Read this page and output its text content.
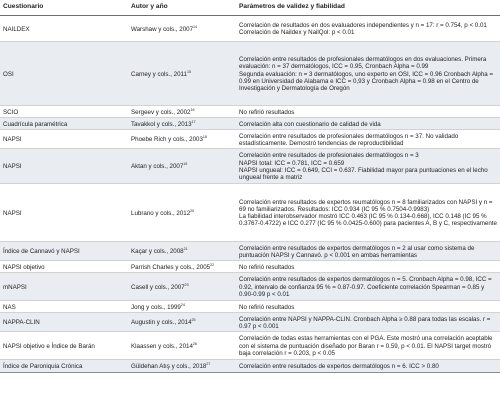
Cuestionario	Autor y año	Parámetros de validez y fiabilidad
NAILDEX	Warshaw y cols., 2007$^{14}$	Correlación de resultados en dos evaluadores independientes y n = 17: r = 0.754, p < 0.01
Correlación de Naildex y NailQol: p < 0.01

OSI	Carney y cols., 2011$^{15}$	Correlación entre resultados de profesionales dermatólogos en dos evaluaciones. Primera evaluación: n = 37 dermatólogos, ICC = 0.95, Cronbach Alpha = 0.99
Segunda evaluación: n = 3 dermatólogos, uno experto en OSI, ICC = 0.96 Cronbach Alpha = 0.99 en Universidad de Alabama e ICC = 0,93 y Cronbach Alpha = 0.98 en el Centro de Investigación y Dermatología de Oregón

SCIO	Sergeev y cols., 2002$^{16}$	No refirió resultados

Cuadrícula paramétrica	Tavakkol y cols., 2013$^{17}$	Correlación alta con cuestionario de calidad de vida

NAPSI	Phoebe Rich y cols., 2003$^{18}$	Correlación entre resultados de profesionales dermatólogos n = 37. No validado estadísticamente. Demostró tendencias de reproductibilidad

NAPSI	Aktan y cols., 2007$^{19}$	Correlación entre resultados de profesionales dermatólogos n = 3
NAPSI total: ICC = 0.781, ICC = 0.659
NAPSI ungueal: ICC = 0.649, CCI = 0.637. Fiabilidad mayor para puntuaciones en el lecho ungueal frente a matriz

NAPSI	Lubrano y cols., 2012$^{20}$	Correlación entre resultados de expertos reumatólogos n = 8 familiarizados con NAPSI y n = 69 no familiarizados. Resultados: ICC 0.934 (IC 95 % 0.7504-0.9983)
La fiabilidad interobservador mostró ICC 0.463 (IC 95 % 0.134-0.668), ICC 0.148 (IC 95 % 0.3767-0.4722) e ICC 0.277 (IC 95 % 0.0425-0.600) para pacientes A, B y C, respectivamente

Índice de Cannavó y NAPSI	Kaçar y cols., 2008$^{21}$	Correlación entre resultados de expertos dermatólogos n = 2 al usar como sistema de puntuación NAPSI y Cannavó. p < 0.001 en ambas herramientas

NAPSI objetivo	Parrish Charles y cols., 2005$^{22}$	No refirió resultados

mNAPSI	Casell y cols., 2007$^{23}$	Correlación entre resultados de expertos dermatólogos n = 5. Cronbach Alpha = 0.98, ICC = 0.92, intervalo de confianza 95 % = 0.87-0.97. Coeficiente correlación Spearman = 0.85 y 0.90-0.99 p < 0.01

NAS	Jong y cols., 1999$^{24}$	No refirió resultados

NAPPA-CLIN	Augustin y cols., 2014$^{25}$	Correlación entre NAPSI y NAPPA-CLIN. Cronbach Alpha ≥ 0.88 para todas las escalas. r = 0.97 p < 0.001

NAPSI objetivo e Índice de Barán	Klaassen y cols., 2014$^{26}$	Correlación de todas estas herramientas con el PGA. Este mostró una correlación aceptable con el sistema de puntuación diseñado por Baran r = 0.59, p < 0.01. El NAPSI target mostró baja correlación r = 0.203, p < 0.05

Índice de Paroniquia Crónica	Güldehan Atış y cols., 2018$^{27}$	Correlación entre resultados de expertos dermatólogos n = 6. ICC > 0.80
